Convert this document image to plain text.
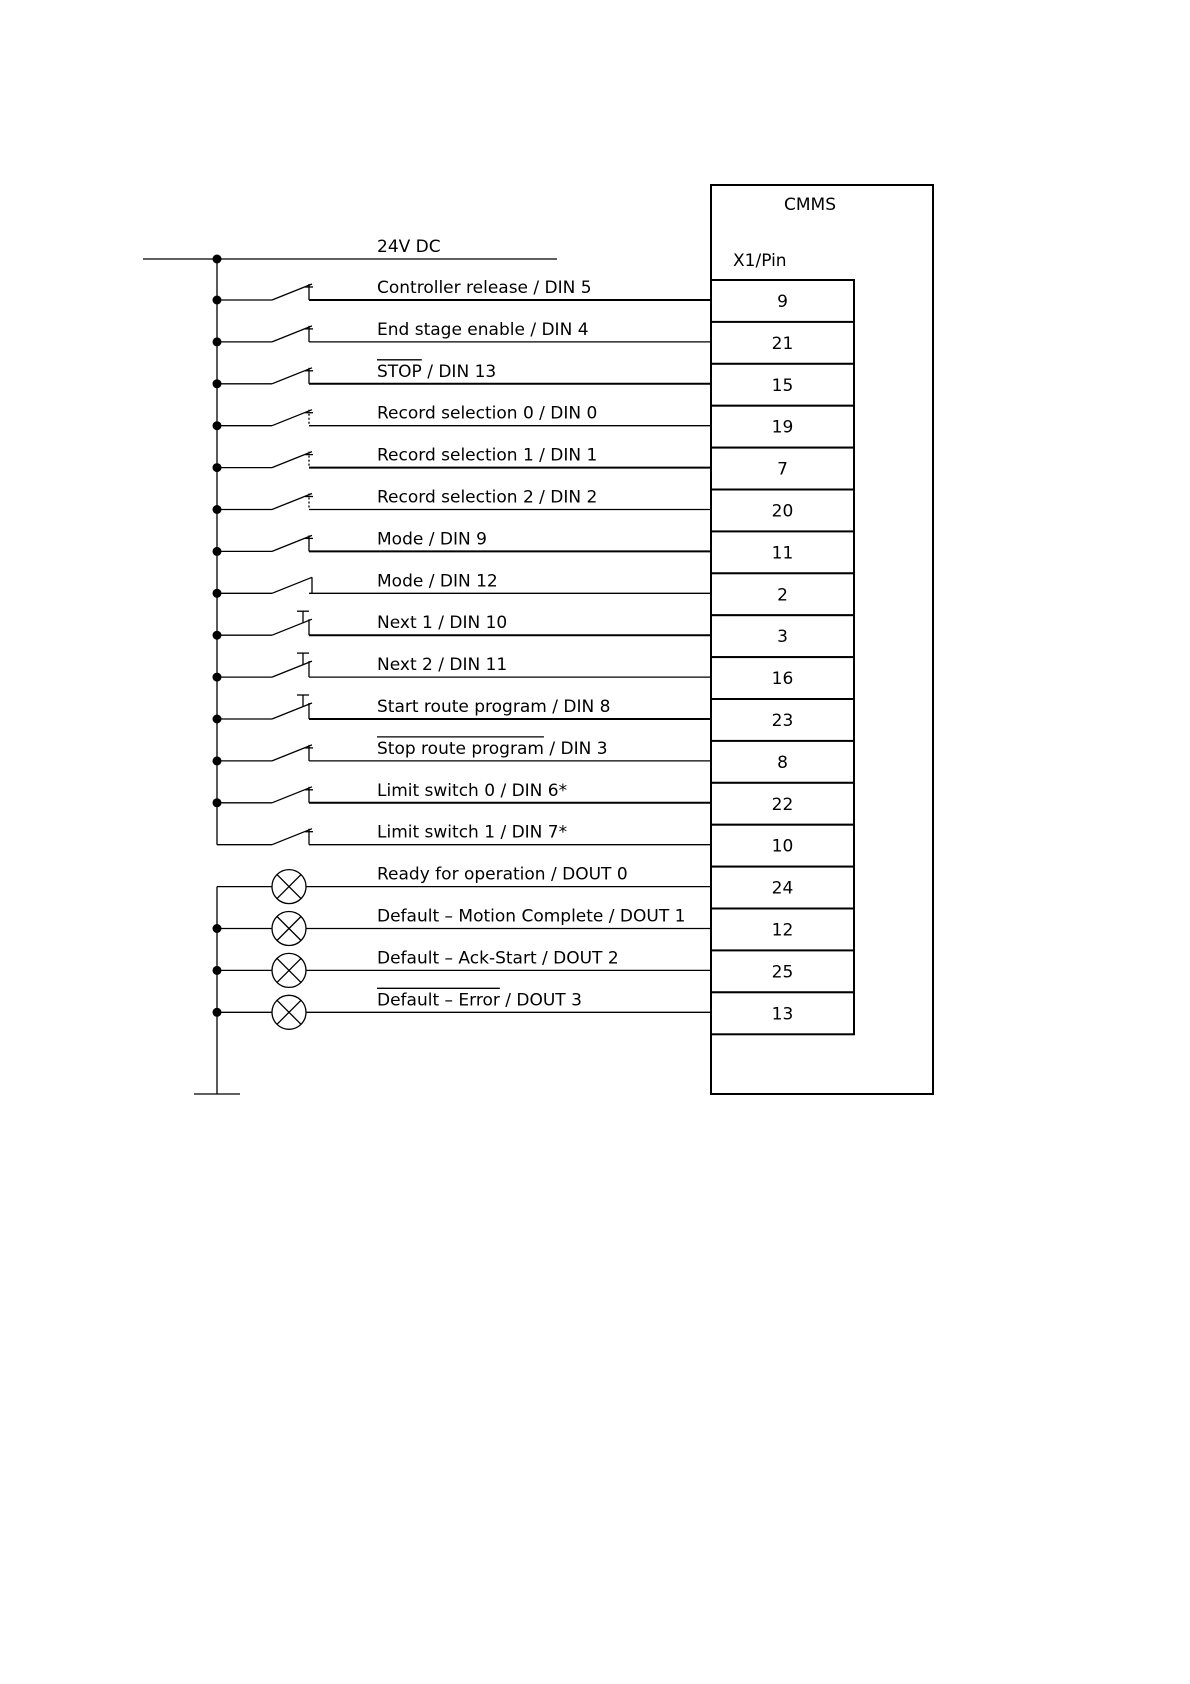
CMMS
X1/Pin
24V DC
9
Controller release / DIN 5
21
End stage enable / DIN 4
15
STOP / DIN 13
19
Record selection 0 / DIN 0
7
Record selection 1 / DIN 1
20
Record selection 2 / DIN 2
11
Mode / DIN 9
2
Mode / DIN 12
3
Next 1 / DIN 10
16
Next 2 / DIN 11
23
Start route program / DIN 8
8
Stop route program / DIN 3
22
Limit switch 0 / DIN 6*
10
Limit switch 1 / DIN 7*
24
Ready for operation / DOUT 0
12
Default – Motion Complete / DOUT 1
25
Default – Ack-Start / DOUT 2
13
Default – Error / DOUT 3
